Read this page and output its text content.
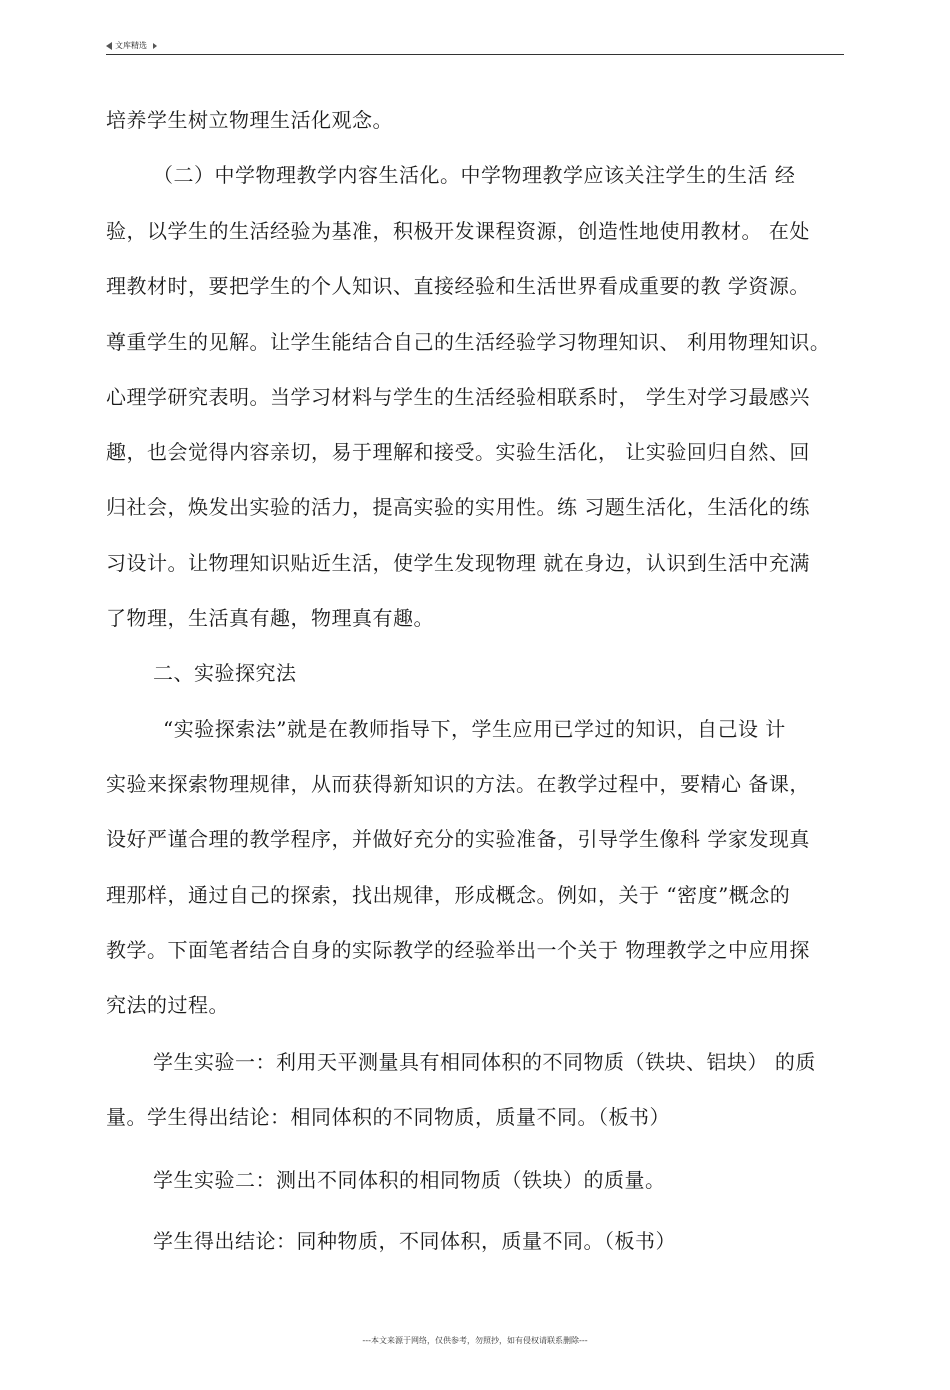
文库精选
培养学生树立物理生活化观念。
（二）中学物理教学内容生活化。中学物理教学应该关注学生的生活 经
验，以学生的生活经验为基准，积极开发课程资源，创造性地使用教材。 在处
理教材时，要把学生的个人知识、直接经验和生活世界看成重要的教 学资源。
尊重学生的见解。让学生能结合自己的生活经验学习物理知识、 利用物理知识。
心理学研究表明。当学习材料与学生的生活经验相联系时， 学生对学习最感兴
趣，也会觉得内容亲切，易于理解和接受。实验生活化， 让实验回归自然、回
归社会，焕发出实验的活力，提高实验的实用性。练 习题生活化，生活化的练
习设计。让物理知识贴近生活，使学生发现物理 就在身边，认识到生活中充满
了物理，生活真有趣，物理真有趣。
二、实验探究法
“实验探索法”就是在教师指导下，学生应用已学过的知识，自己设 计
实验来探索物理规律，从而获得新知识的方法。在教学过程中，要精心 备课，
设好严谨合理的教学程序，并做好充分的实验准备，引导学生像科 学家发现真
理那样，通过自己的探索，找出规律，形成概念。例如，关于 “密度”概念的
教学。下面笔者结合自身的实际教学的经验举出一个关于 物理教学之中应用探
究法的过程。
学生实验一：利用天平测量具有相同体积的不同物质（铁块、铝块） 的质
量。学生得出结论：相同体积的不同物质，质量不同。（板书）
学生实验二：测出不同体积的相同物质（铁块）的质量。
学生得出结论：同种物质，不同体积，质量不同。（板书）
---本文来源于网络，仅供参考，勿照抄，如有侵权请联系删除---
